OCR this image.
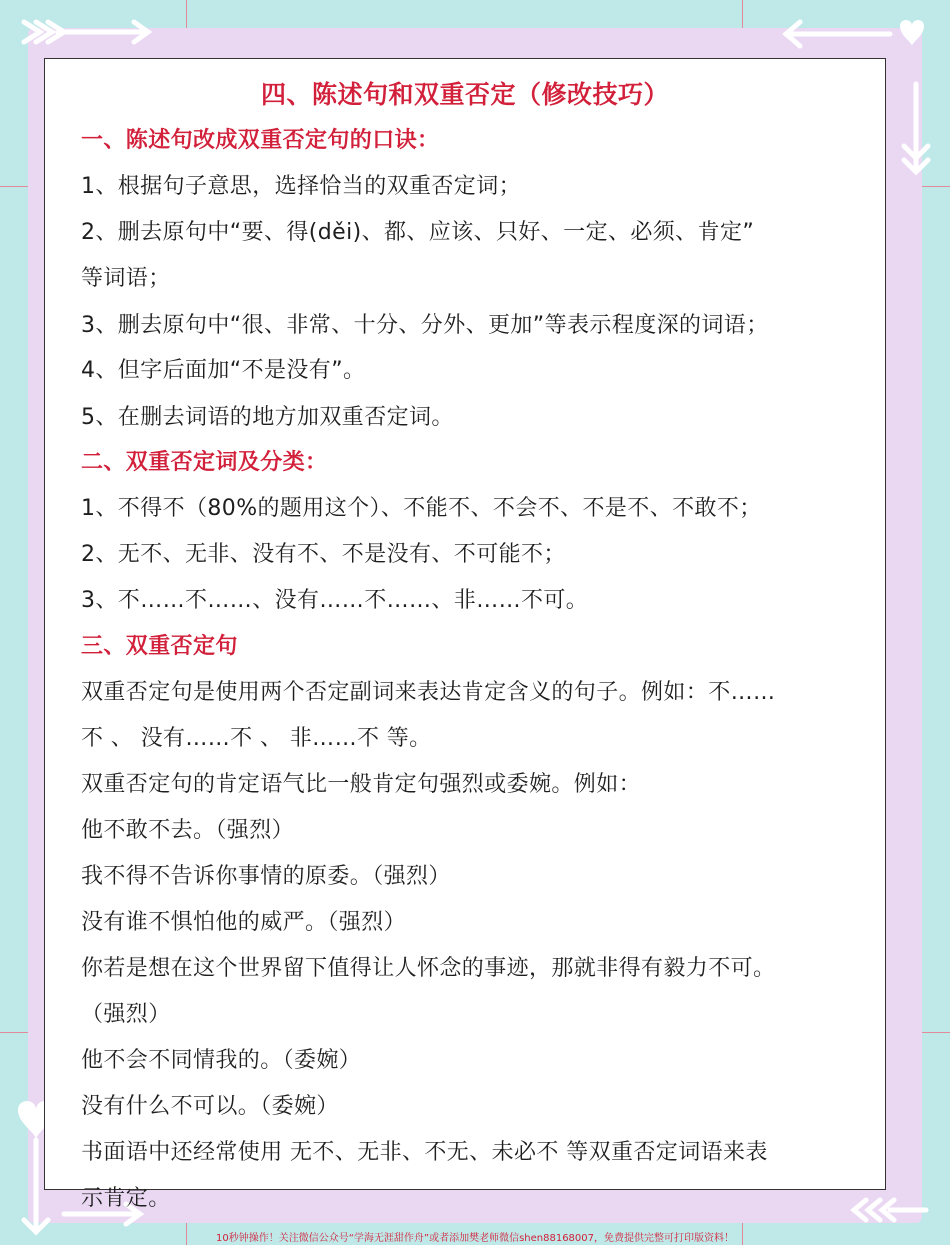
四、陈述句和双重否定（修改技巧）
一、陈述句改成双重否定句的口诀：
1、根据句子意思，选择恰当的双重否定词；
2、删去原句中“要、得(děi)、都、应该、只好、一定、必须、肯定”
等词语；
3、删去原句中“很、非常、十分、分外、更加”等表示程度深的词语；
4、但字后面加“不是没有”。
5、在删去词语的地方加双重否定词。
二、双重否定词及分类：
1、不得不（80%的题用这个）、不能不、不会不、不是不、不敢不；
2、无不、无非、没有不、不是没有、不可能不；
3、不……不……、没有……不……、非……不可。
三、双重否定句
双重否定句是使用两个否定副词来表达肯定含义的句子。例如：不……
不 、 没有……不 、 非……不 等。
双重否定句的肯定语气比一般肯定句强烈或委婉。例如：
他不敢不去。（强烈）
我不得不告诉你事情的原委。（强烈）
没有谁不惧怕他的威严。（强烈）
你若是想在这个世界留下值得让人怀念的事迹，那就非得有毅力不可。
（强烈）
他不会不同情我的。（委婉）
没有什么不可以。（委婉）
书面语中还经常使用 无不、无非、不无、未必不 等双重否定词语来表
示肯定。
10秒钟操作！关注微信公众号“学海无涯甜作舟”或者添加樊老师微信shen88168007，免费提供完整可打印版资料！
